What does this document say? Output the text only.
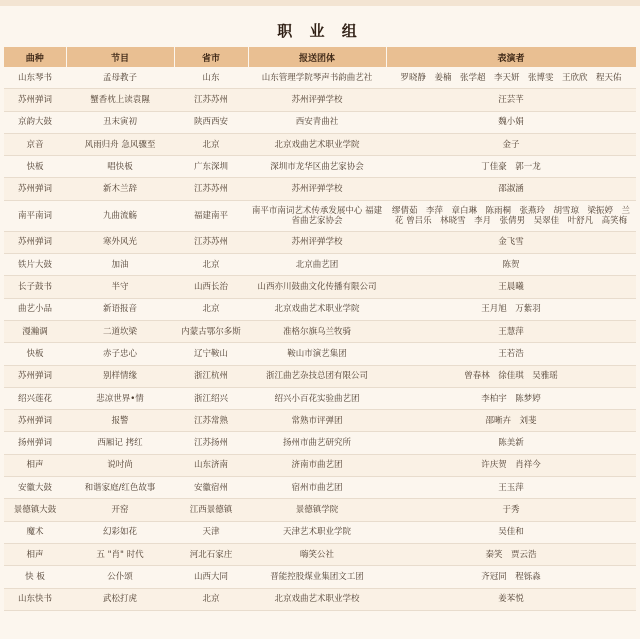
职 业 组
曲种	节目	省市	报送团体	表演者
山东琴书	孟母教子	山东	山东管理学院琴声书韵曲艺社	罗晓静　姜楠　张学超　李天妍　张博雯　王欣欣　程天佑
苏州弹词	蟹香枕上读袁隰	江苏苏州	苏州评弹学校	汪芸芊
京韵大鼓	丑末寅初	陕西西安	西安青曲社	魏小娟
京音	风雨归舟 急风骤至	北京	北京戏曲艺术职业学院	金子
快板	唱快板	广东深圳	深圳市龙华区曲艺家协会	丁佳豪　郭一龙
苏州弹词	新木兰辞	江苏苏州	苏州评弹学校	邵淑涵
南平南词	九曲流觞	福建南平	南平市南词艺术传承发展中心 福建省曲艺家协会	缪倩茹　李萍　章白琳　陈雨桐　张燕玲　胡雪琼　梁振婷　兰花 曾吕乐　林晓雪　李月　张倩男　吴翠佳　叶舒凡　高笑梅
苏州弹词	寒外风光	江苏苏州	苏州评弹学校	金飞雪
铁片大鼓	加油	北京	北京曲艺团	陈贺
长子鼓书	半守	山西长治	山西亦川鼓曲文化传播有限公司	王晨曦
曲艺小品	新语报音	北京	北京戏曲艺术职业学院	王月旭　万紫羽
漫瀚调	二道坎梁	内蒙古鄂尔多斯	准格尔旗乌兰牧骑	王慧萍
快板	赤子忠心	辽宁鞍山	鞍山市演艺集团	王若浩
苏州弹词	别样情缘	浙江杭州	浙江曲艺杂技总团有限公司	曾春林　徐佳琪　吴雅瑶
绍兴莲花	悲凉世界•情	浙江绍兴	绍兴小百花实验曲艺团	李柏宇　陈梦婷
苏州弹词	报警	江苏常熟	常熟市评弹团	邵晰卉　刘斐
扬州弹词	西厢记 拷红	江苏扬州	扬州市曲艺研究所	陈美新
相声	说吋尚	山东济南	济南市曲艺团	许庆贺　肖祥今
安徽大鼓	和谐家庭/红色故事	安徽宿州	宿州市曲艺团	王玉萍
景德镇大鼓	开窑	江西景德镇	景德镇学院	于秀
魔术	幻彩如花	天津	天津艺术职业学院	吴佳和
相声	五 "肖" 时代	河北石家庄	嗨笑公社	秦笑　贾云浩
快 板	公仆颂	山西大同	晋能控股煤业集团文工团	齐冠同　程铄淼
山东快书	武松打虎	北京	北京戏曲艺术职业学校	姜苯悦
